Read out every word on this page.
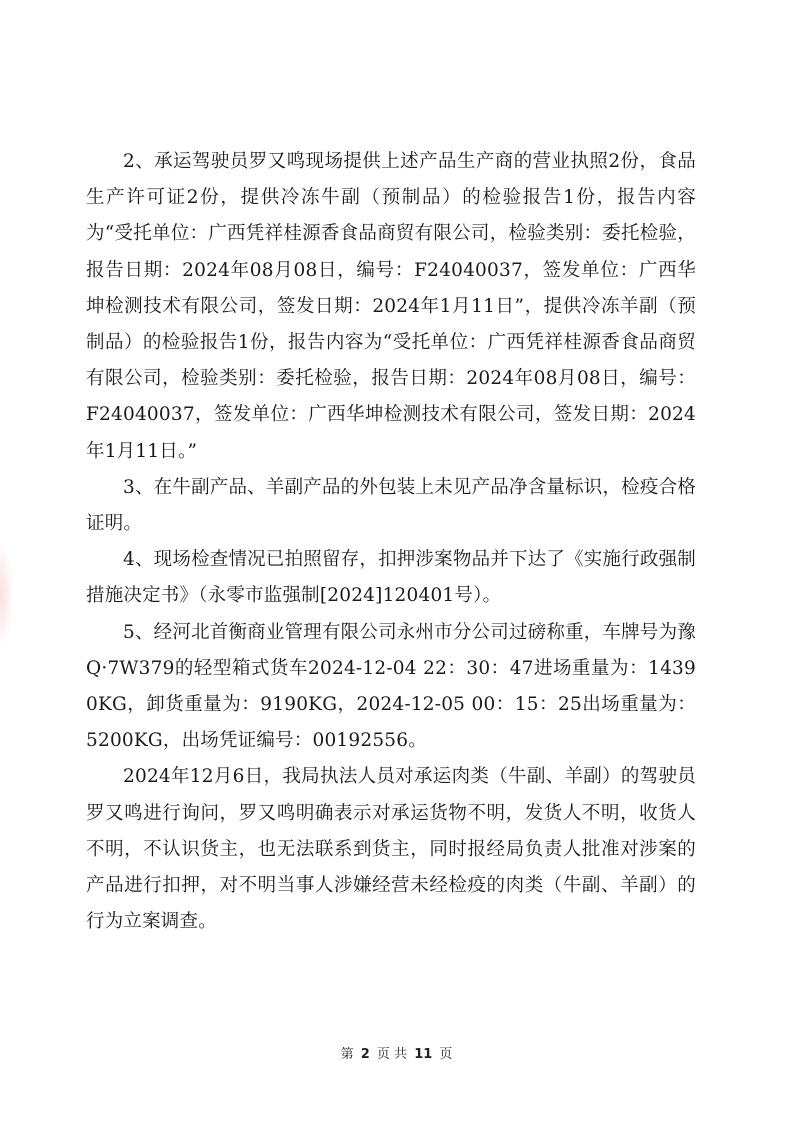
2、承运驾驶员罗又鸣现场提供上述产品生产商的营业执照2份，食品生产许可证2份，提供冷冻牛副（预制品）的检验报告1份，报告内容为“受托单位：广西凭祥桂源香食品商贸有限公司，检验类别：委托检验，报告日期：2024年08月08日，编号：F24040037，签发单位：广西华坤检测技术有限公司，签发日期：2024年1月11日”，提供冷冻羊副（预制品）的检验报告1份，报告内容为“受托单位：广西凭祥桂源香食品商贸有限公司，检验类别：委托检验，报告日期：2024年08月08日，编号：F24040037，签发单位：广西华坤检测技术有限公司，签发日期：2024年1月11日。”

3、在牛副产品、羊副产品的外包装上未见产品净含量标识，检疫合格证明。

4、现场检查情况已拍照留存，扣押涉案物品并下达了《实施行政强制措施决定书》（永零市监强制[2024]120401号）。

5、经河北首衡商业管理有限公司永州市分公司过磅称重，车牌号为豫Q·7W379的轻型箱式货车2024-12-04 22：30：47进场重量为：14390KG，卸货重量为：9190KG，2024-12-05 00：15：25出场重量为：5200KG，出场凭证编号：00192556。

2024年12月6日，我局执法人员对承运肉类（牛副、羊副）的驾驶员罗又鸣进行询问，罗又鸣明确表示对承运货物不明，发货人不明，收货人不明，不认识货主，也无法联系到货主，同时报经局负责人批准对涉案的产品进行扣押，对不明当事人涉嫌经营未经检疫的肉类（牛副、羊副）的行为立案调查。

第 2 页 共 11 页
